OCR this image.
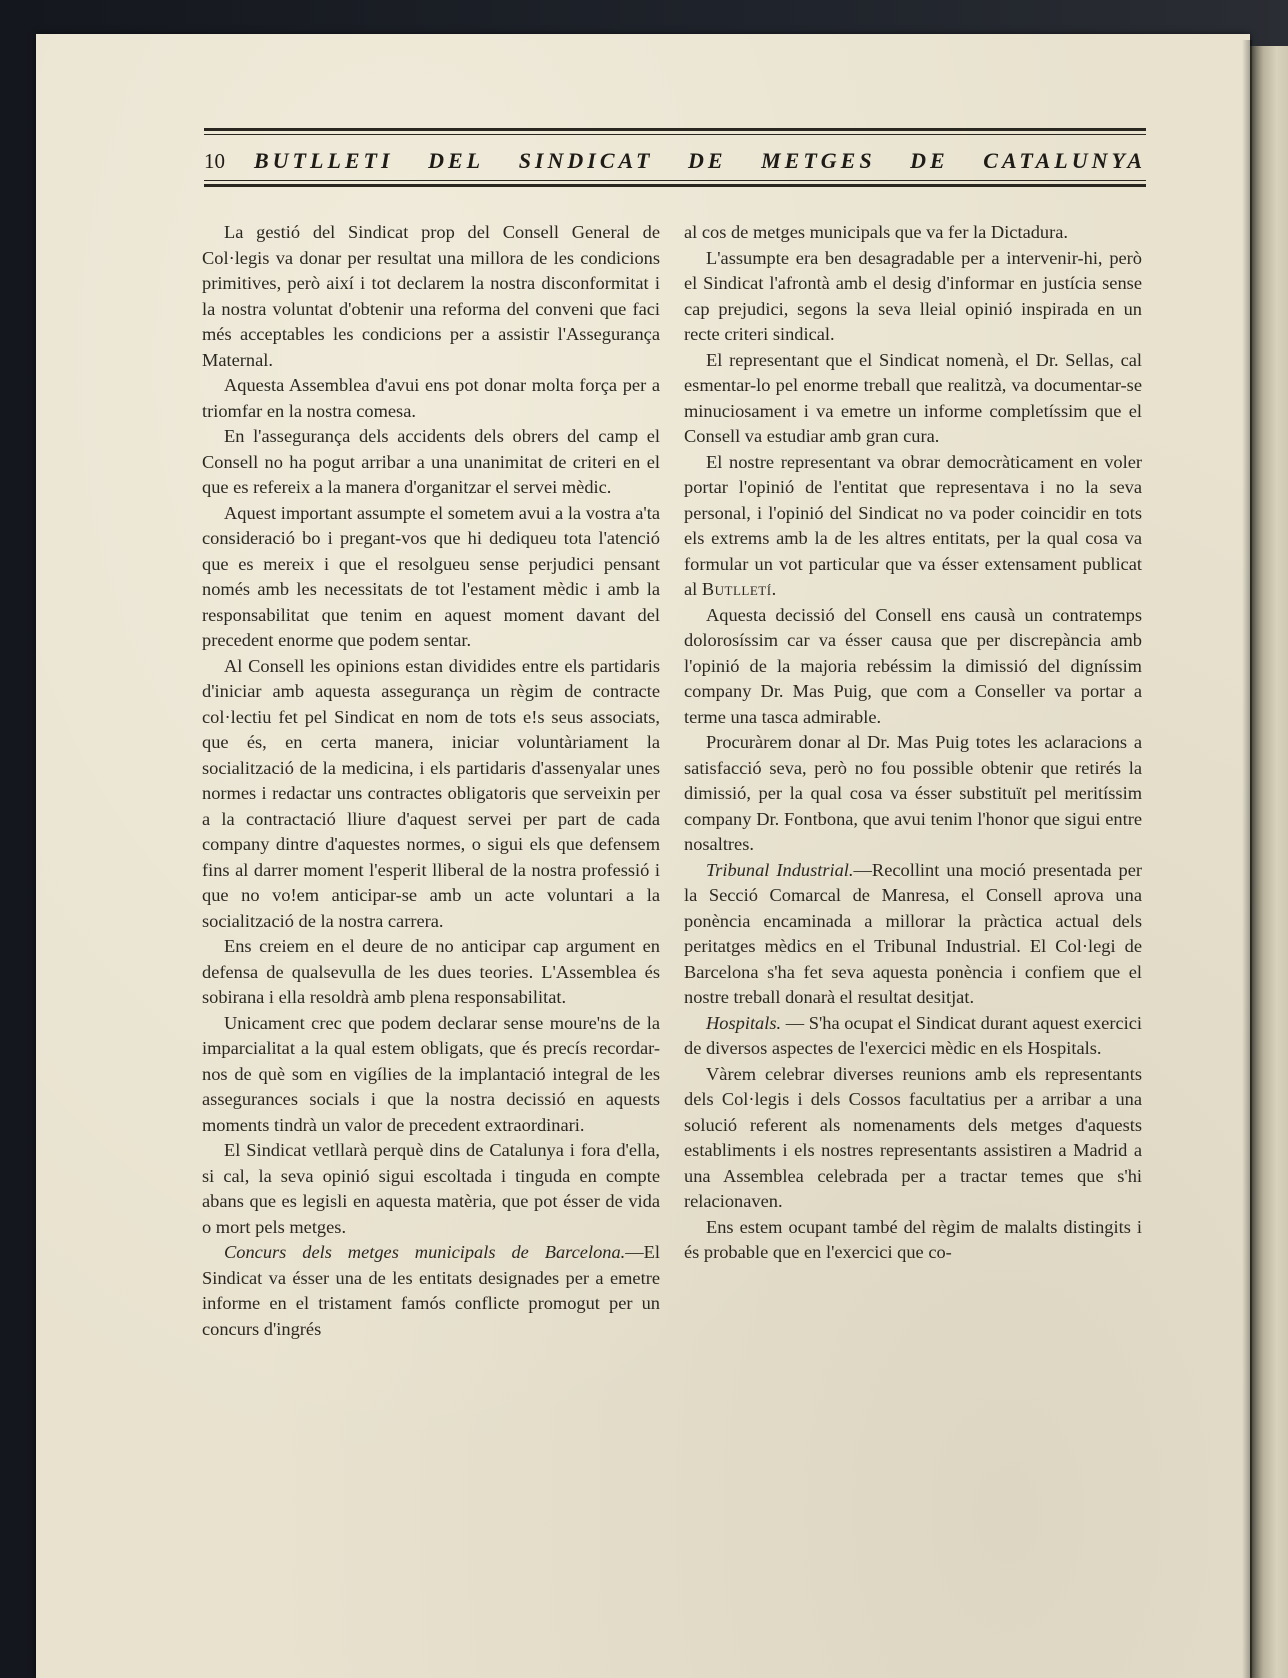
10	BUTLLETI DEL SINDICAT DE METGES DE CATALUNYA

La gestió del Sindicat prop del Consell General de Col·legis va donar per resultat una millora de les condicions primitives, però així i tot declarem la nostra disconformitat i la nostra voluntat d'obtenir una reforma del conveni que faci més acceptables les condicions per a assistir l'Assegurança Maternal.

Aquesta Assemblea d'avui ens pot donar molta força per a triomfar en la nostra comesa.

En l'assegurança dels accidents dels obrers del camp el Consell no ha pogut arribar a una unanimitat de criteri en el que es refereix a la manera d'organitzar el servei mèdic.

Aquest important assumpte el sometem avui a la vostra a'ta consideració bo i pregant-vos que hi dediqueu tota l'atenció que es mereix i que el resolgueu sense perjudici pensant només amb les necessitats de tot l'estament mèdic i amb la responsabilitat que tenim en aquest moment davant del precedent enorme que podem sentar.

Al Consell les opinions estan dividides entre els partidaris d'iniciar amb aquesta assegurança un règim de contracte col·lectiu fet pel Sindicat en nom de tots e!s seus associats, que és, en certa manera, iniciar voluntàriament la socialització de la medicina, i els partidaris d'assenyalar unes normes i redactar uns contractes obligatoris que serveixin per a la contractació lliure d'aquest servei per part de cada company dintre d'aquestes normes, o sigui els que defensem fins al darrer moment l'esperit lliberal de la nostra professió i que no vo!em anticipar-se amb un acte voluntari a la socialització de la nostra carrera.

Ens creiem en el deure de no anticipar cap argument en defensa de qualsevulla de les dues teories. L'Assemblea és sobirana i ella resoldrà amb plena responsabilitat.

Unicament crec que podem declarar sense moure'ns de la imparcialitat a la qual estem obligats, que és precís recordar-nos de què som en vigílies de la implantació integral de les assegurances socials i que la nostra decissió en aquests moments tindrà un valor de precedent extraordinari.

El Sindicat vetllarà perquè dins de Catalunya i fora d'ella, si cal, la seva opinió sigui escoltada i tinguda en compte abans que es legisli en aquesta matèria, que pot ésser de vida o mort pels metges.

Concurs dels metges municipals de Barcelona.—El Sindicat va ésser una de les entitats designades per a emetre informe en el tristament famós conflicte promogut per un concurs d'ingrés

al cos de metges municipals que va fer la Dictadura.

L'assumpte era ben desagradable per a intervenir-hi, però el Sindicat l'afrontà amb el desig d'informar en justícia sense cap prejudici, segons la seva lleial opinió inspirada en un recte criteri sindical.

El representant que el Sindicat nomenà, el Dr. Sellas, cal esmentar-lo pel enorme treball que realitzà, va documentar-se minuciosament i va emetre un informe completíssim que el Consell va estudiar amb gran cura.

El nostre representant va obrar democràticament en voler portar l'opinió de l'entitat que representava i no la seva personal, i l'opinió del Sindicat no va poder coincidir en tots els extrems amb la de les altres entitats, per la qual cosa va formular un vot particular que va ésser extensament publicat al Butlletí.

Aquesta decissió del Consell ens causà un contratemps dolorosíssim car va ésser causa que per discrepància amb l'opinió de la majoria rebéssim la dimissió del digníssim company Dr. Mas Puig, que com a Conseller va portar a terme una tasca admirable.

Procuràrem donar al Dr. Mas Puig totes les aclaracions a satisfacció seva, però no fou possible obtenir que retirés la dimissió, per la qual cosa va ésser substituït pel meritíssim company Dr. Fontbona, que avui tenim l'honor que sigui entre nosaltres.

Tribunal Industrial.—Recollint una moció presentada per la Secció Comarcal de Manresa, el Consell aprova una ponència encaminada a millorar la pràctica actual dels peritatges mèdics en el Tribunal Industrial. El Col·legi de Barcelona s'ha fet seva aquesta ponència i confiem que el nostre treball donarà el resultat desitjat.

Hospitals. — S'ha ocupat el Sindicat durant aquest exercici de diversos aspectes de l'exercici mèdic en els Hospitals.

Vàrem celebrar diverses reunions amb els representants dels Col·legis i dels Cossos facultatius per a arribar a una solució referent als nomenaments dels metges d'aquests establiments i els nostres representants assistiren a Madrid a una Assemblea celebrada per a tractar temes que s'hi relacionaven.

Ens estem ocupant també del règim de malalts distingits i és probable que en l'exercici que co-
